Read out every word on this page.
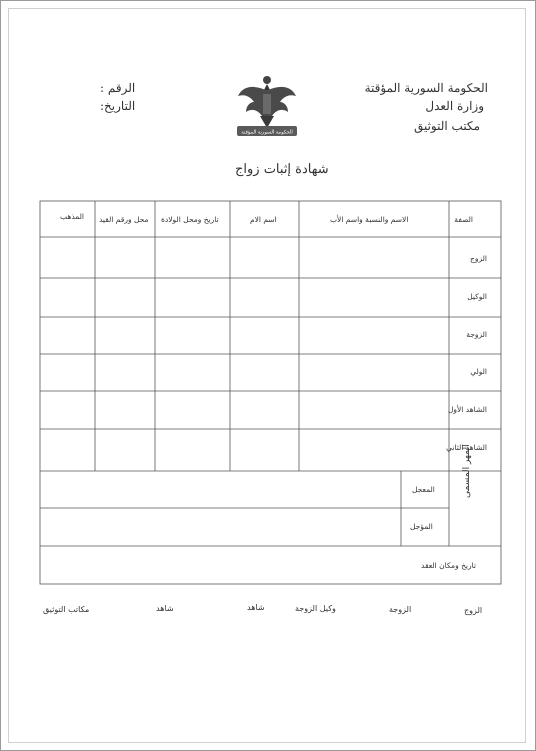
الحكومة السورية المؤقتة
وزارة العدل
مكتب التوثيق
الرقم :
التاريخ:
الحكومة السورية المؤقتة
شهادة إثبات زواج
الصفة
الاسم والنسبة واسم الأب
اسم الام
تاريخ ومحل الولادة
محل ورقم القيد
المذهب
الزوج
الوكيل
الزوجة
الولي
الشاهد الأول
الشاهد الثاني
المهر المسمى
المعجل
المؤجل
تاريخ ومكان العقد
الزوج
الزوجة
وكيل الزوجة
شاهد
شاهد
مكاتب التوثيق
